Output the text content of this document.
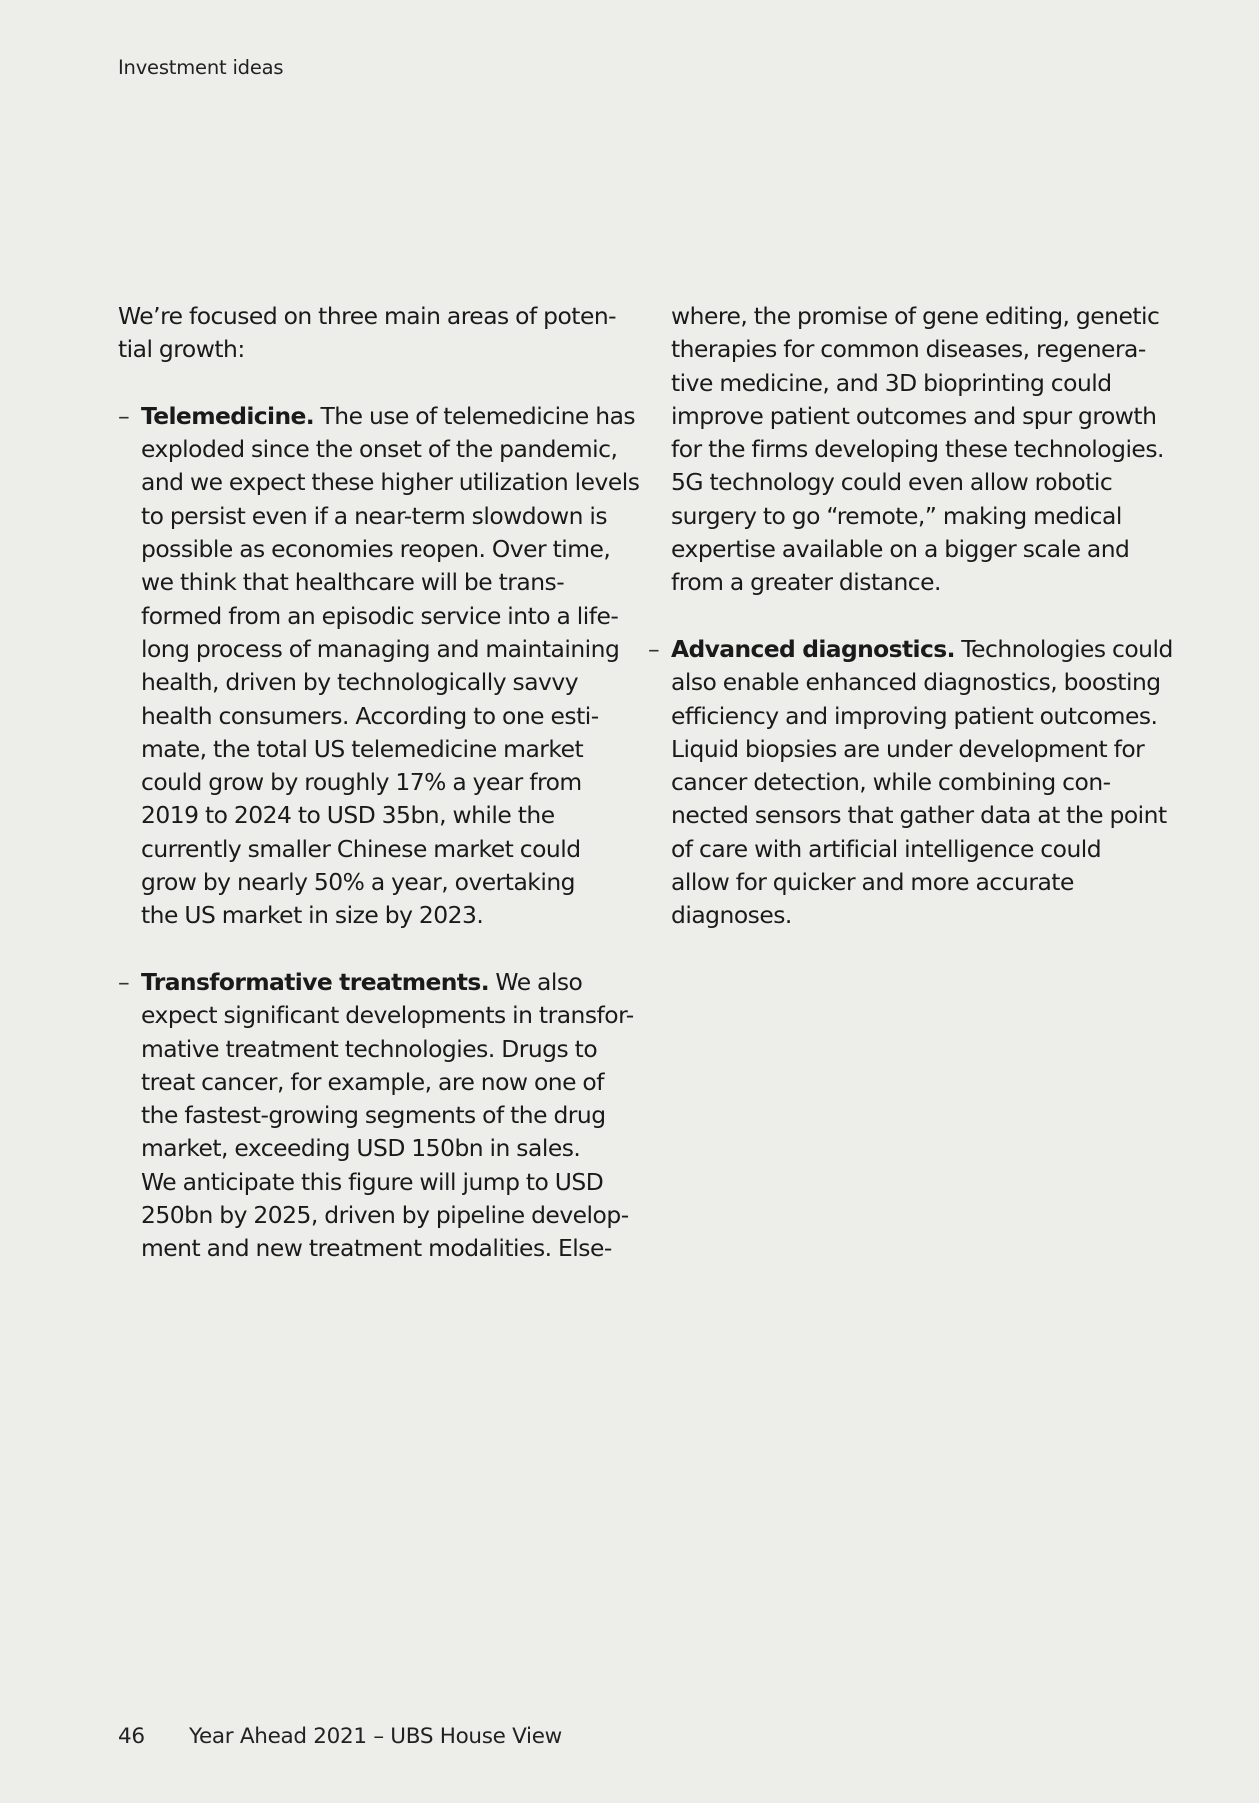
Investment ideas

We’re focused on three main areas of poten-
tial growth:

– Telemedicine. The use of telemedicine has
exploded since the onset of the pandemic,
and we expect these higher utilization levels
to persist even if a near-term slowdown is
possible as economies reopen. Over time,
we think that healthcare will be trans-
formed from an episodic service into a life-
long process of managing and maintaining
health, driven by technologically savvy
health consumers. According to one esti-
mate, the total US telemedicine market
could grow by roughly 17% a year from
2019 to 2024 to USD 35bn, while the
currently smaller Chinese market could
grow by nearly 50% a year, overtaking
the US market in size by 2023.
– Transformative treatments. We also
expect significant developments in transfor-
mative treatment technologies. Drugs to
treat cancer, for example, are now one of
the fastest-growing segments of the drug
market, exceeding USD 150bn in sales.
We anticipate this figure will jump to USD
250bn by 2025, driven by pipeline develop-
ment and new treatment modalities. Else-
where, the promise of gene editing, genetic
therapies for common diseases, regenera-
tive medicine, and 3D bioprinting could
improve patient outcomes and spur growth
for the firms developing these technologies.
5G technology could even allow robotic
surgery to go “remote,” making medical
expertise available on a bigger scale and
from a greater distance.
– Advanced diagnostics. Technologies could
also enable enhanced diagnostics, boosting
efficiency and improving patient outcomes.
Liquid biopsies are under development for
cancer detection, while combining con-
nected sensors that gather data at the point
of care with artificial intelligence could
allow for quicker and more accurate
diagnoses.
46 Year Ahead 2021 – UBS House View
